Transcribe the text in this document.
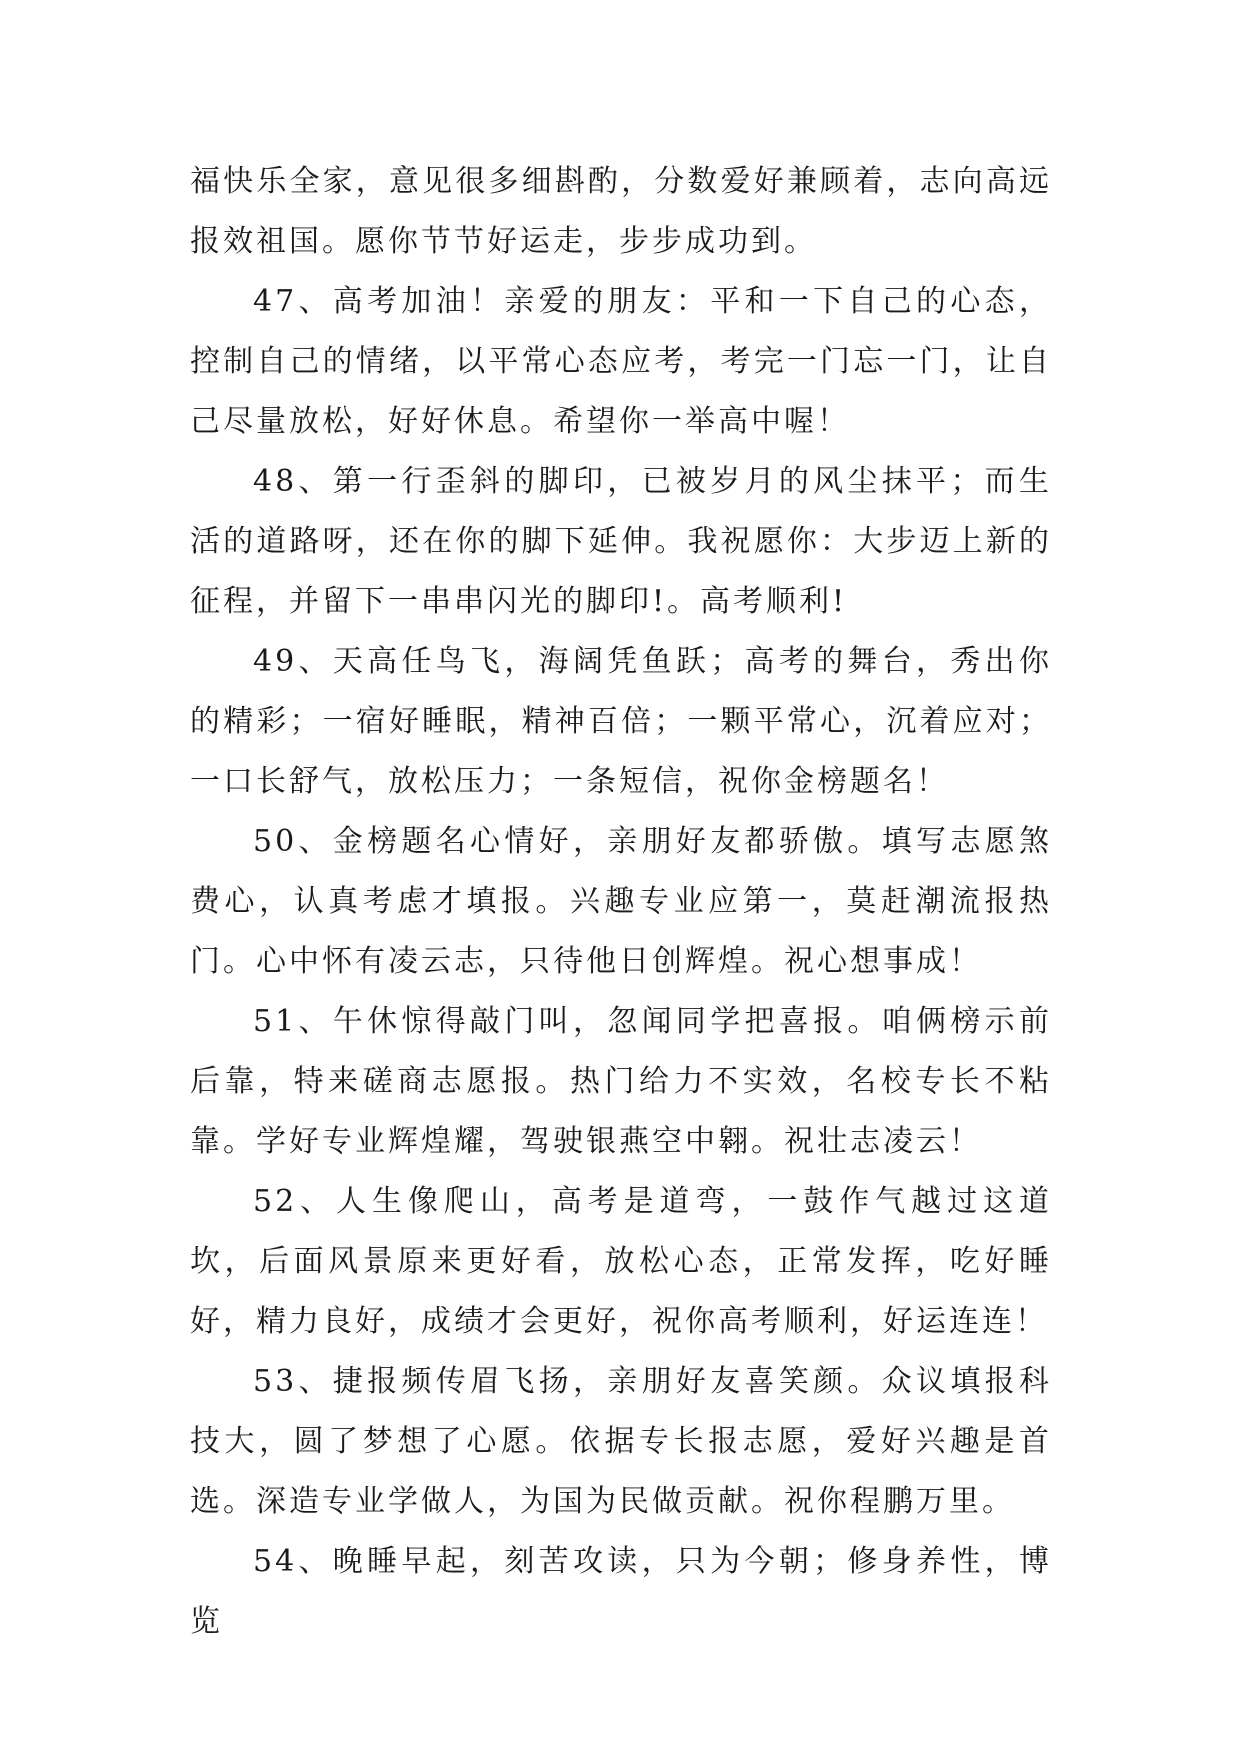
福快乐全家，意见很多细斟酌，分数爱好兼顾着，志向高远报效祖国。愿你节节好运走，步步成功到。

47、高考加油！亲爱的朋友：平和一下自己的心态，控制自己的情绪，以平常心态应考，考完一门忘一门，让自己尽量放松，好好休息。希望你一举高中喔！

48、第一行歪斜的脚印，已被岁月的风尘抹平；而生活的道路呀，还在你的脚下延伸。我祝愿你：大步迈上新的征程，并留下一串串闪光的脚印!。高考顺利!

49、天高任鸟飞，海阔凭鱼跃；高考的舞台，秀出你的精彩；一宿好睡眠，精神百倍；一颗平常心，沉着应对；一口长舒气，放松压力；一条短信，祝你金榜题名！

50、金榜题名心情好，亲朋好友都骄傲。填写志愿煞费心，认真考虑才填报。兴趣专业应第一，莫赶潮流报热门。心中怀有凌云志，只待他日创辉煌。祝心想事成！

51、午休惊得敲门叫，忽闻同学把喜报。咱俩榜示前后靠，特来磋商志愿报。热门给力不实效，名校专长不粘靠。学好专业辉煌耀，驾驶银燕空中翱。祝壮志凌云！

52、人生像爬山，高考是道弯，一鼓作气越过这道坎，后面风景原来更好看，放松心态，正常发挥，吃好睡好，精力良好，成绩才会更好，祝你高考顺利，好运连连！

53、捷报频传眉飞扬，亲朋好友喜笑颜。众议填报科技大，圆了梦想了心愿。依据专长报志愿，爱好兴趣是首选。深造专业学做人，为国为民做贡献。祝你程鹏万里。

54、晚睡早起，刻苦攻读，只为今朝；修身养性，博览
